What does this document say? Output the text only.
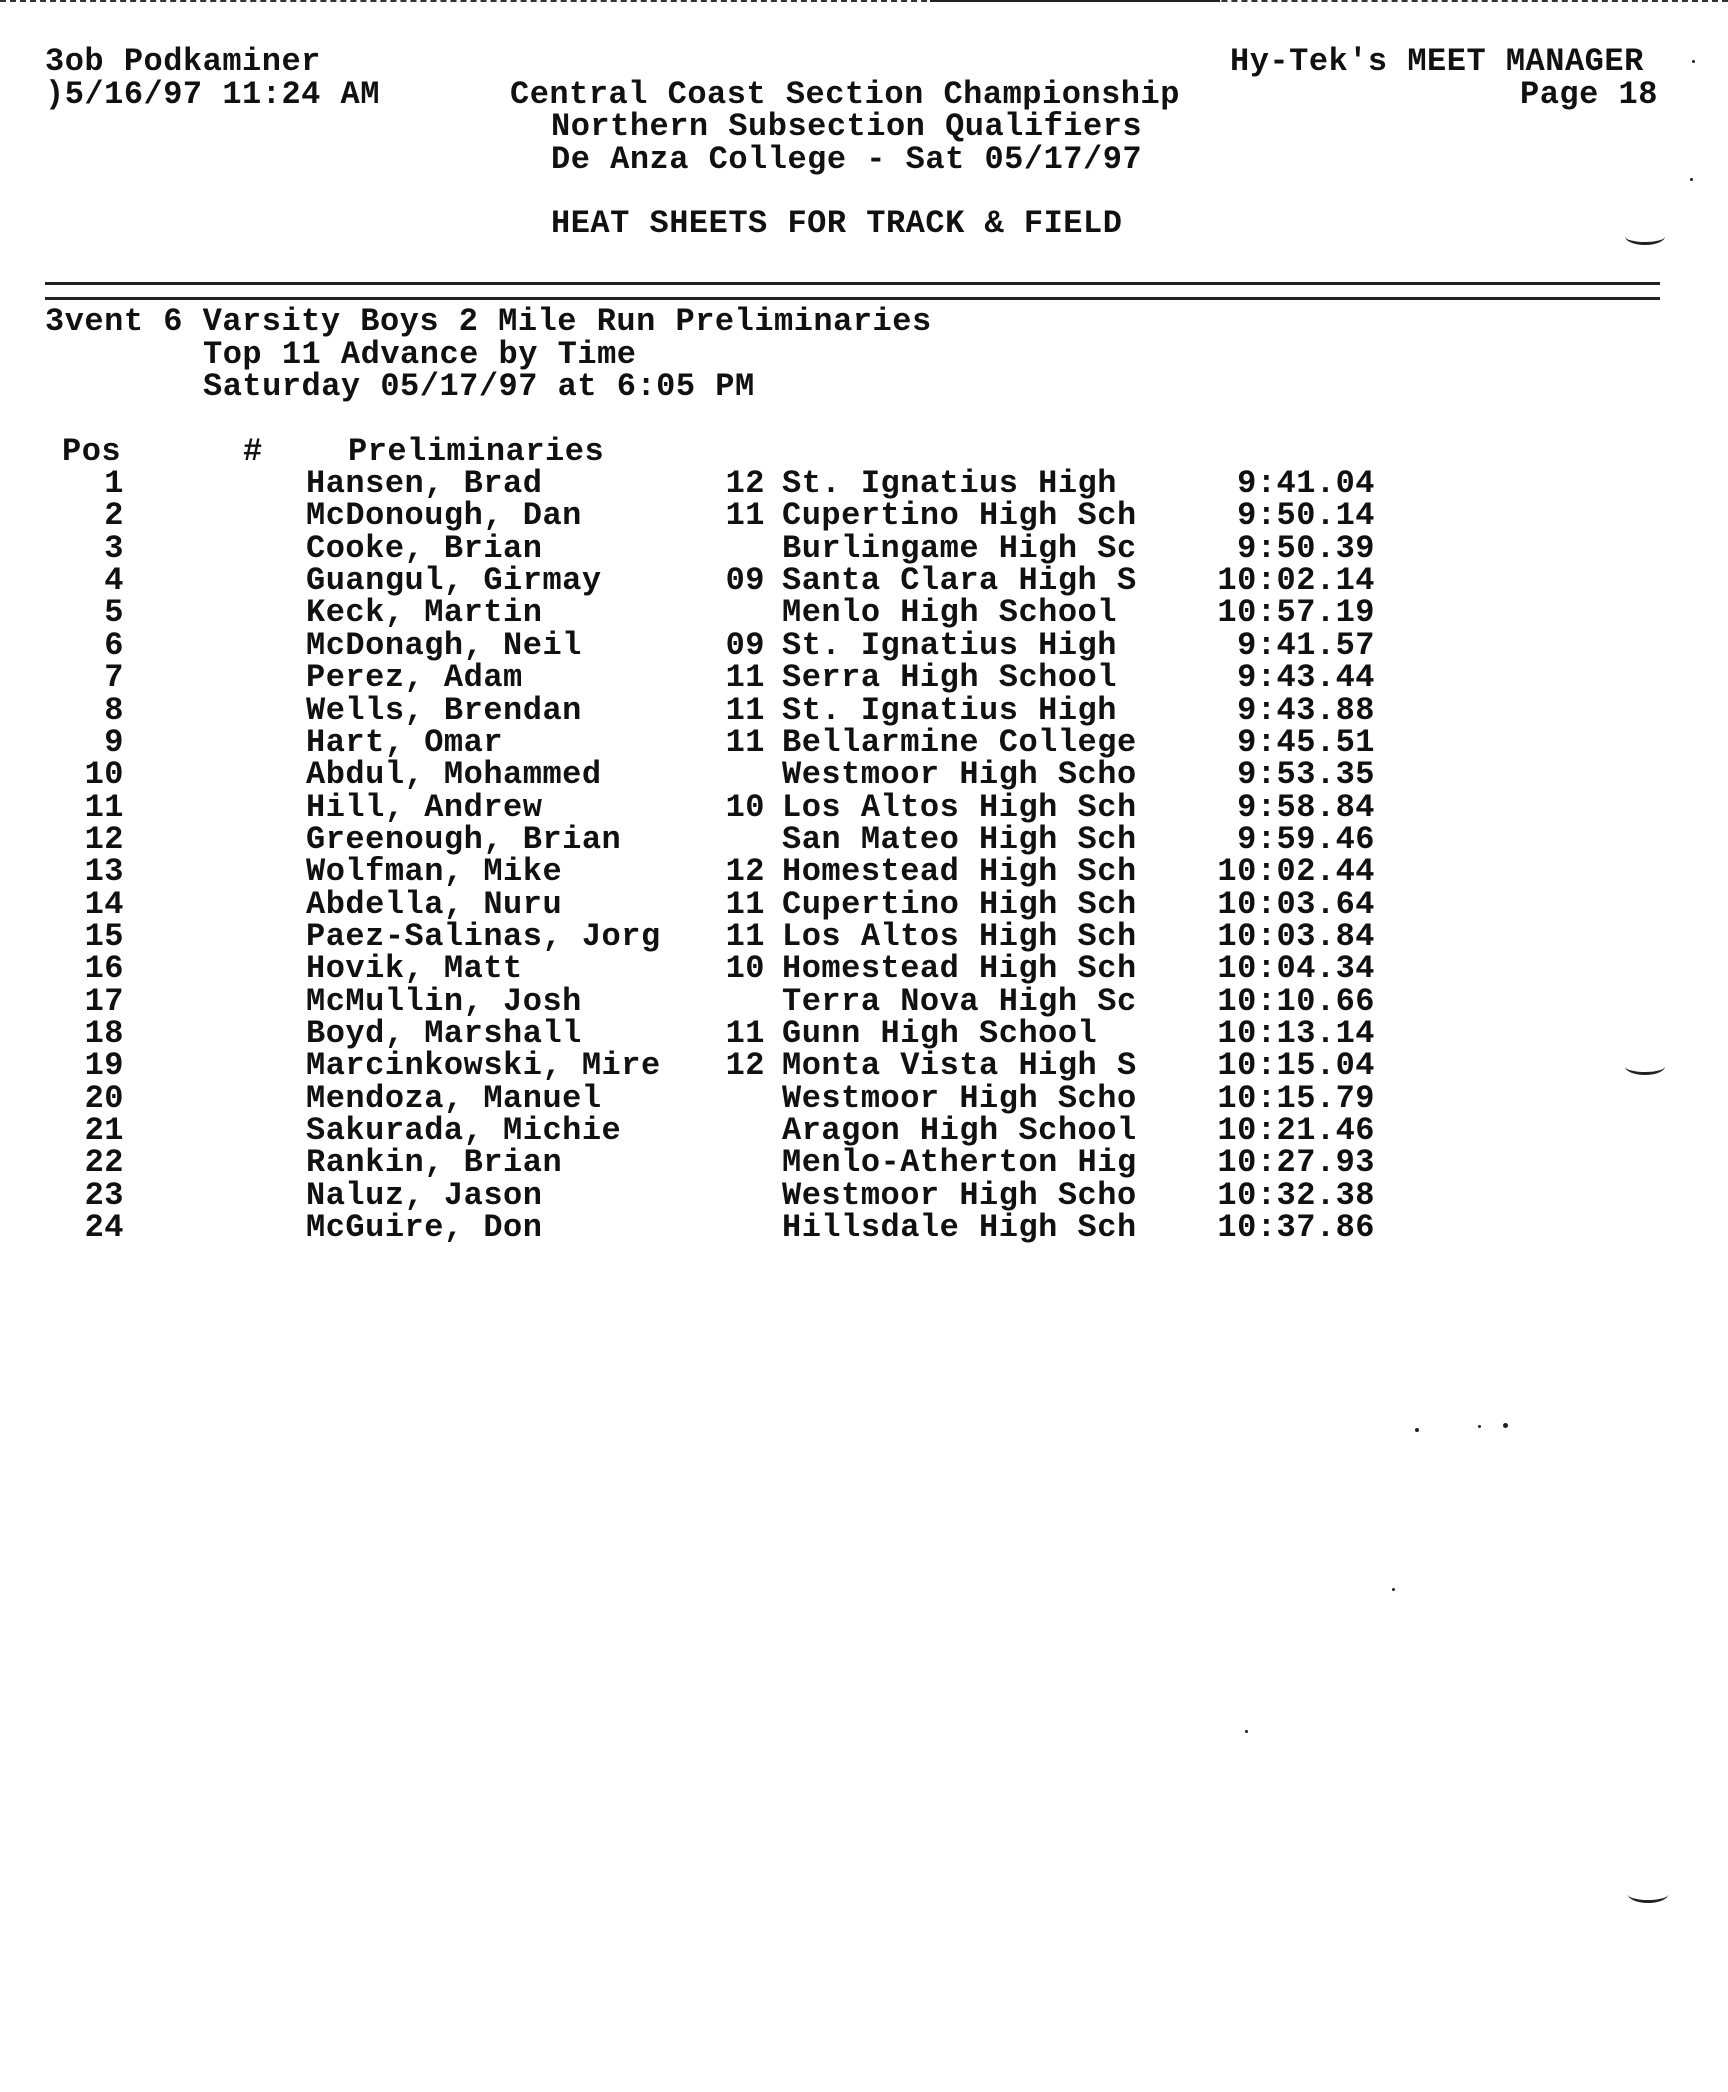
3ob Podkaminer
)5/16/97 11:24 AM
Hy-Tek's MEET MANAGER
Page 18
Central Coast Section Championship
Northern Subsection Qualifiers
De Anza College - Sat 05/17/97
HEAT SHEETS FOR TRACK & FIELD
3vent 6 Varsity Boys 2 Mile Run Preliminaries
Top 11 Advance by Time
Saturday 05/17/97 at 6:05 PM
Pos	#	Preliminaries
1	Hansen, Brad	12 St. Ignatius High	9:41.04
2	McDonough, Dan	11 Cupertino High Sch	9:50.14
3	Cooke, Brian	Burlingame High Sc	9:50.39
4	Guangul, Girmay	09 Santa Clara High S	10:02.14
5	Keck, Martin	Menlo High School	10:57.19
6	McDonagh, Neil	09 St. Ignatius High	9:41.57
7	Perez, Adam	11 Serra High School	9:43.44
8	Wells, Brendan	11 St. Ignatius High	9:43.88
9	Hart, Omar	11 Bellarmine College	9:45.51
10	Abdul, Mohammed	Westmoor High Scho	9:53.35
11	Hill, Andrew	10 Los Altos High Sch	9:58.84
12	Greenough, Brian	San Mateo High Sch	9:59.46
13	Wolfman, Mike	12 Homestead High Sch	10:02.44
14	Abdella, Nuru	11 Cupertino High Sch	10:03.64
15	Paez-Salinas, Jorg 11 Los Altos High Sch	10:03.84
16	Hovik, Matt	10 Homestead High Sch	10:04.34
17	McMullin, Josh	Terra Nova High Sc	10:10.66
18	Boyd, Marshall	11 Gunn High School	10:13.14
19	Marcinkowski, Mire 12 Monta Vista High S	10:15.04
20	Mendoza, Manuel	Westmoor High Scho	10:15.79
21	Sakurada, Michie	Aragon High School	10:21.46
22	Rankin, Brian	Menlo-Atherton Hig	10:27.93
23	Naluz, Jason	Westmoor High Scho	10:32.38
24	McGuire, Don	Hillsdale High Sch	10:37.86
